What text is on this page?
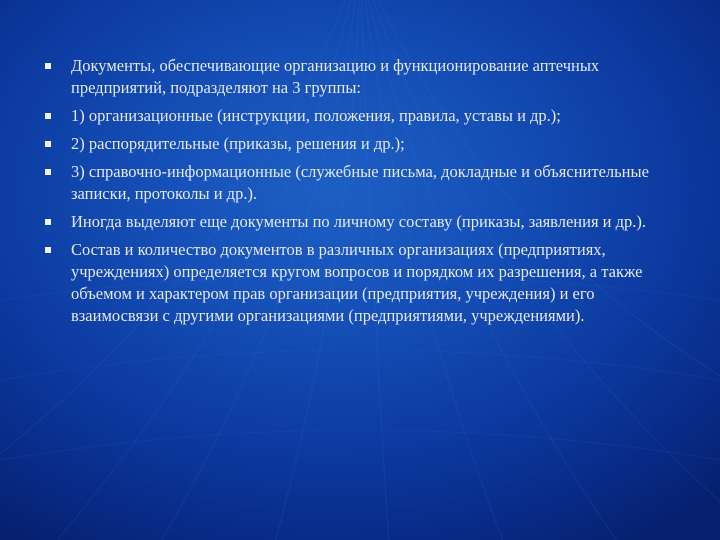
Документы, обеспечивающие организацию и функционирование аптечных предприятий, подразделяют на 3 группы:
1) организационные (инструкции, положения, правила, уставы и др.);
2) распорядительные (приказы, решения и др.);
3) справочно-информационные (служебные письма, докладные и объяснительные записки, протоколы и др.).
Иногда выделяют еще документы по личному составу (приказы, заявления и др.).
Состав и количество документов в различных организациях (предприятиях, учреждениях) определяется кругом вопросов и порядком их разрешения, а также объемом и характером прав организации (предприятия, учреждения) и его взаимосвязи с другими организациями (предприятиями, учреждениями).
